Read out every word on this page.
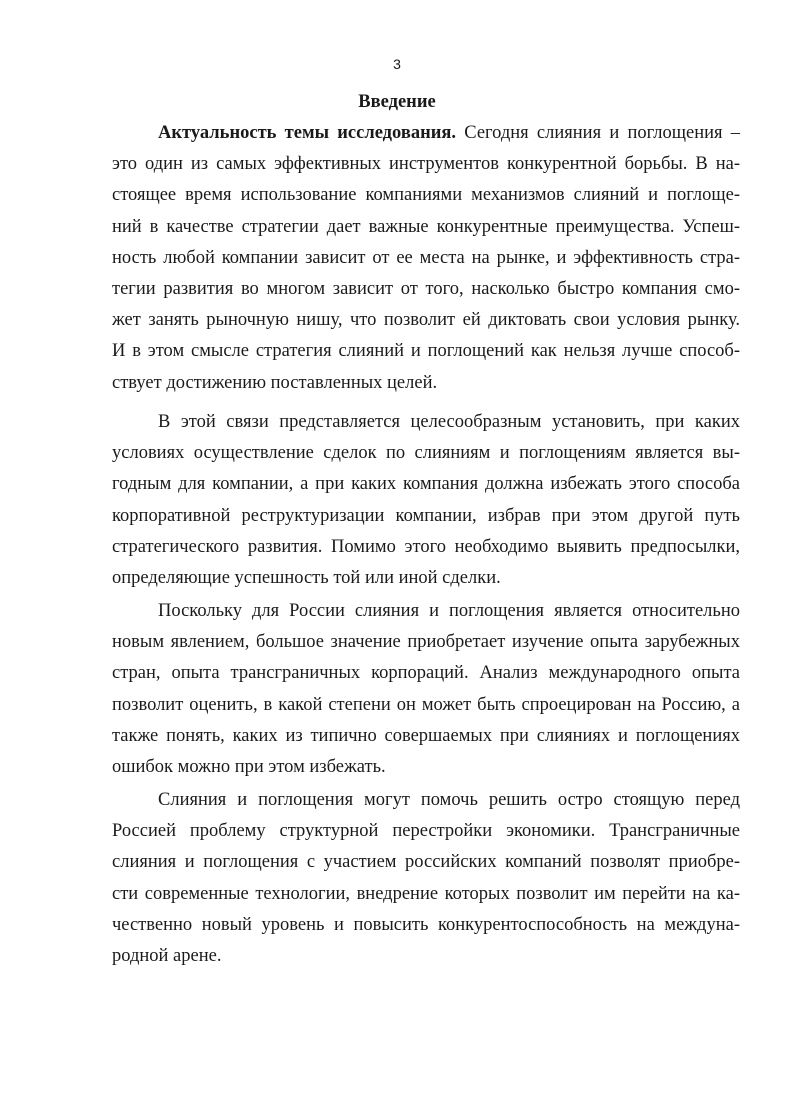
3
Введение
Актуальность темы исследования. Сегодня слияния и поглощения –
это один из самых эффективных инструментов конкурентной борьбы. В на-
стоящее время использование компаниями механизмов слияний и поглоще-
ний в качестве стратегии дает важные конкурентные преимущества. Успеш-
ность любой компании зависит от ее места на рынке, и эффективность стра-
тегии развития во многом зависит от того, насколько быстро компания смо-
жет занять рыночную нишу, что позволит ей диктовать свои условия рынку.
И в этом смысле стратегия слияний и поглощений как нельзя лучше способ-
ствует достижению поставленных целей.
В этой связи представляется целесообразным установить, при каких
условиях осуществление сделок по слияниям и поглощениям является вы-
годным для компании, а при каких компания должна избежать этого способа
корпоративной реструктуризации компании, избрав при этом другой путь
стратегического развития. Помимо этого необходимо выявить предпосылки,
определяющие успешность той или иной сделки.
Поскольку для России слияния и поглощения является относительно
новым явлением, большое значение приобретает изучение опыта зарубежных
стран, опыта трансграничных корпораций. Анализ международного опыта
позволит оценить, в какой степени он может быть спроецирован на Россию, а
также понять, каких из типично совершаемых при слияниях и поглощениях
ошибок можно при этом избежать.
Слияния и поглощения могут помочь решить остро стоящую перед
Россией проблему структурной перестройки экономики. Трансграничные
слияния и поглощения с участием российских компаний позволят приобре-
сти современные технологии, внедрение которых позволит им перейти на ка-
чественно новый уровень и повысить конкурентоспособность на междуна-
родной арене.
